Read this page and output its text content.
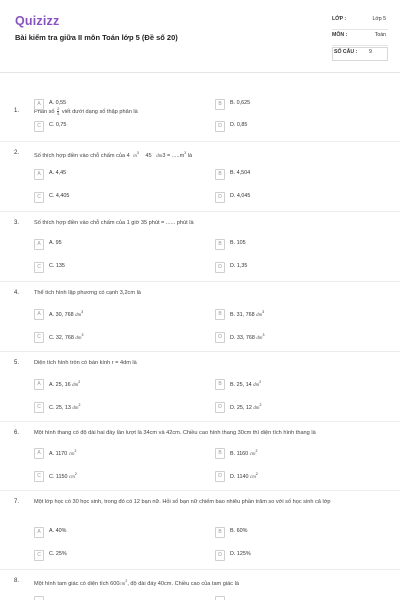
Quizizz
Bài kiểm tra giữa II môn Toán lớp 5 (Đề số 20)
LỚP :	Lớp 5
MÔN :	Toán
SỐ CÂU : 9
1.	Phân số $\frac{2}{5}$ viết dưới dạng số thập phân là
A	A. 0,55	B	B. 0,625
C	C. 0,75	D	D. 0,85
2.	Số thích hợp điền vào chỗ chấm của 4 $m^3$ 45 $dm3 = .....m^3$ là
A	A. 4,45	B	B. 4,504
C	C. 4,405	D	D. 4,045
3.	Số thích hợp điền vào chỗ chấm của 1 giờ 35 phút = ...... phút là
A	A. 95	B	B. 105
C	C. 135	D	D. 1,35
4.	Thể tích hình lập phương có cạnh 3,2cm là
A	A. 30, 768 $dm^3$	B	B. 31, 768 $dm^3$
C	C. 32, 768 $dm^3$	D	D. 33, 768 $dm^3$
5.	Diện tích hình tròn có bán kính r = 4dm là
A	A. 25, 16 $dm^2$	B	B. 25, 14 $dm^2$
C	C. 25, 13 $dm^2$	D	D. 25, 12 $dm^2$
6.	Một hình thang có độ dài hai đáy lần lượt là 34cm và 42cm. Chiều cao hình thang 30cm thì diện tích hình thang là
A	A. 1170 $cm^2$	B	B. 1160 $cm^2$
C	C. 1150 $cm^2$	D	D. 1140 $cm^2$
7.	Một lớp học có 30 học sinh, trong đó có 12 bạn nữ. Hỏi số bạn nữ chiếm bao nhiêu phần trăm so với số học sinh cả lớp
A	A. 40%	B	B. 60%
C	C. 25%	D	D. 125%
8.	Một hình tam giác có diện tích $600cm^2$, độ dài đáy 40cm. Chiều cao của tam giác là
